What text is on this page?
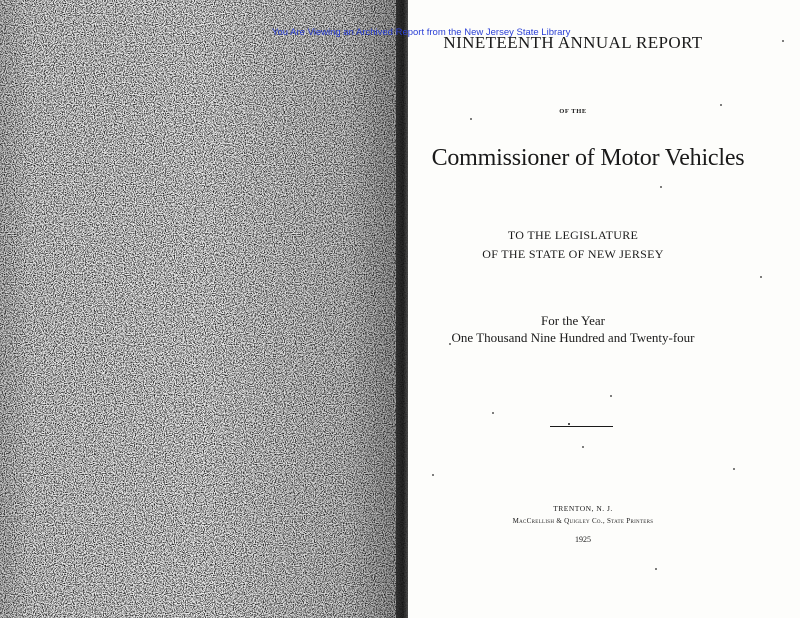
You Are Viewing an Archived Report from the New Jersey State Library
NINETEENTH ANNUAL REPORT
OF THE
Commissioner of Motor Vehicles
TO THE LEGISLATURE
OF THE STATE OF NEW JERSEY
For the Year
One Thousand Nine Hundred and Twenty-four
TRENTON, N. J.
MacCrellish & Quigley Co., State Printers
1925
